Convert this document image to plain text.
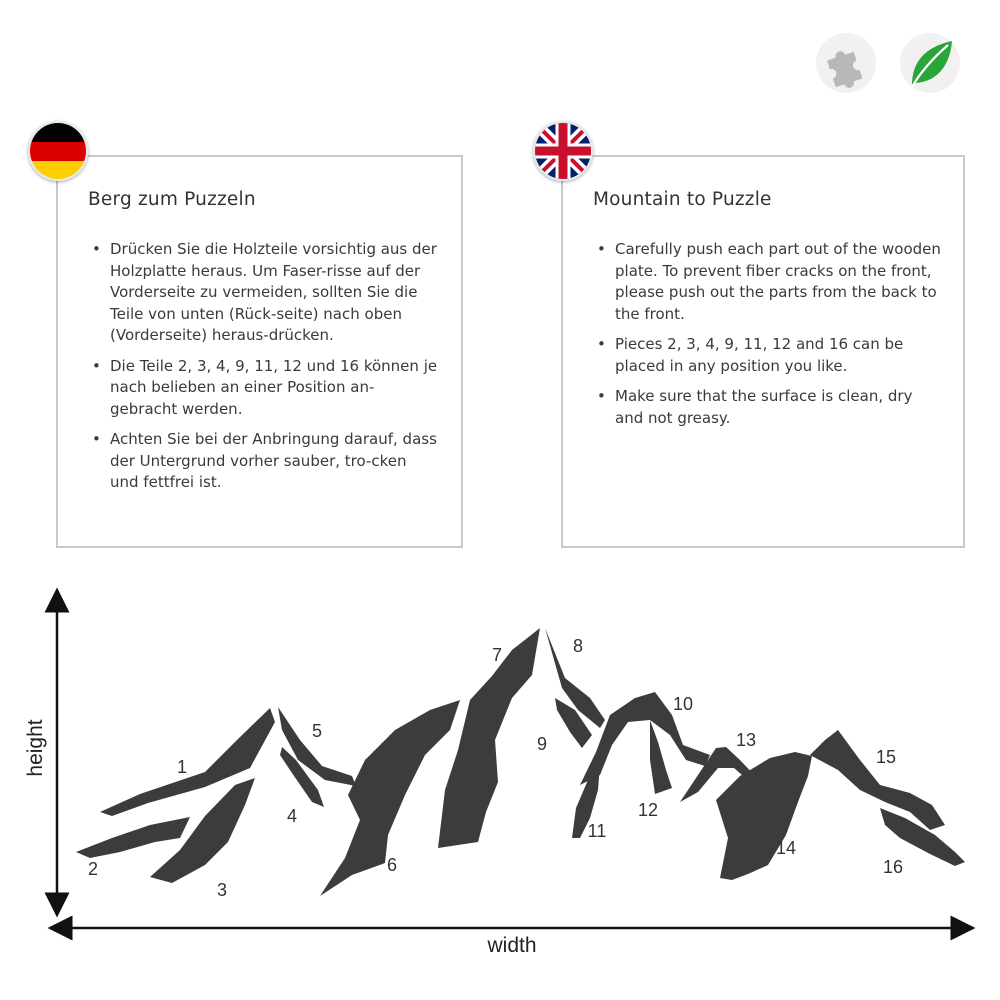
Berg zum Puzzeln
• Drücken Sie die Holzteile vorsichtig aus der Holzplatte heraus. Um Faser-risse auf der Vorderseite zu vermeiden, sollten Sie die Teile von unten (Rück-seite) nach oben (Vorderseite) heraus-drücken.
• Die Teile 2, 3, 4, 9, 11, 12 und 16 können je nach belieben an einer Position an-gebracht werden.
• Achten Sie bei der Anbringung darauf, dass der Untergrund vorher sauber, tro-cken und fettfrei ist.
Mountain to Puzzle
• Carefully push each part out of the wooden plate. To prevent fiber cracks on the front, please push out the parts from the back to the front.
• Pieces 2, 3, 4, 9, 11, 12 and 16 can be placed in any position you like.
• Make sure that the surface is clean, dry and not greasy.
height
width
1
2
3
4
5
6
7	8
9
10
11
12
13
14
15
16
